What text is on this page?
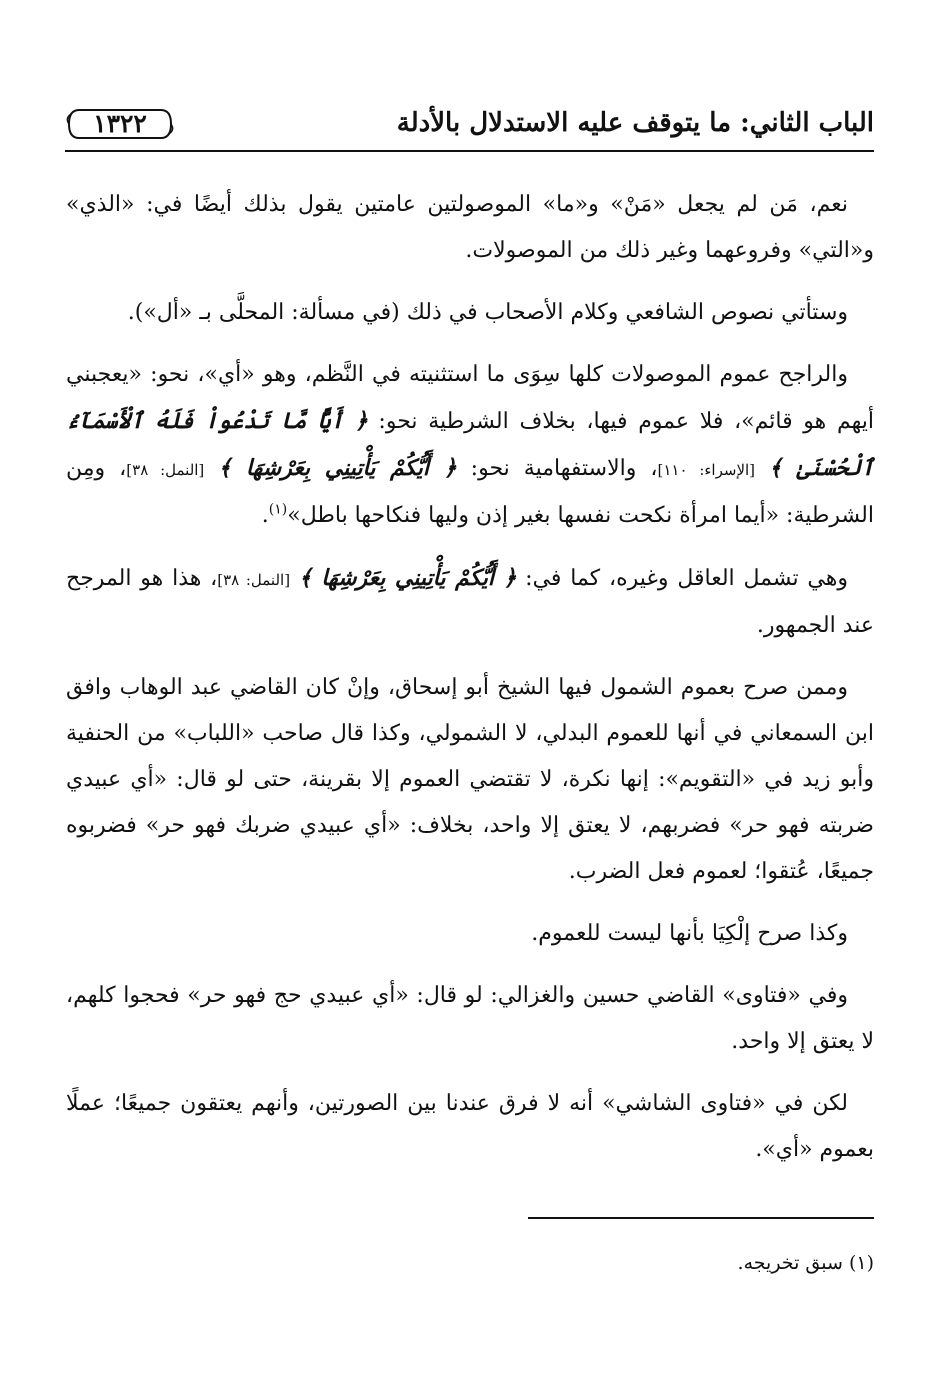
الباب الثاني: ما يتوقف عليه الاستدلال بالأدلة
١٣٢٢

نعم، مَن لم يجعل «مَنْ» و«ما» الموصولتين عامتين يقول بذلك أيضًا في: «الذي» و«التي» وفروعهما وغير ذلك من الموصولات.

وستأتي نصوص الشافعي وكلام الأصحاب في ذلك (في مسألة: المحلَّى بـ «أل»).

والراجح عموم الموصولات كلها سِوَى ما استثنيته في النَّظم، وهو «أي»، نحو: «يعجبني أيهم هو قائم»، فلا عموم فيها، بخلاف الشرطية نحو: ﴿ أَيًّا مَّا تَدْعُواْ فَلَهُ ٱلْأَسْمَآءُ ٱلْحُسْنَىٰ ﴾ [الإسراء: ١١٠]، والاستفهامية نحو: ﴿ أَيُّكُمْ يَأْتِينِي بِعَرْشِهَا ﴾ [النمل: ٣٨]، ومِن الشرطية: «أيما امرأة نكحت نفسها بغير إذن وليها فنكاحها باطل»$^{(١)}$.

وهي تشمل العاقل وغيره، كما في: ﴿ أَيُّكُمْ يَأْتِينِي بِعَرْشِهَا ﴾ [النمل: ٣٨]، هذا هو المرجح عند الجمهور.

وممن صرح بعموم الشمول فيها الشيخ أبو إسحاق، وإنْ كان القاضي عبد الوهاب وافق ابن السمعاني في أنها للعموم البدلي، لا الشمولي، وكذا قال صاحب «اللباب» من الحنفية وأبو زيد في «التقويم»: إنها نكرة، لا تقتضي العموم إلا بقرينة، حتى لو قال: «أي عبيدي ضربته فهو حر» فضربهم، لا يعتق إلا واحد، بخلاف: «أي عبيدي ضربك فهو حر» فضربوه جميعًا، عُتقوا؛ لعموم فعل الضرب.

وكذا صرح إلْكِيَا بأنها ليست للعموم.

وفي «فتاوى» القاضي حسين والغزالي: لو قال: «أي عبيدي حج فهو حر» فحجوا كلهم، لا يعتق إلا واحد.

لكن في «فتاوى الشاشي» أنه لا فرق عندنا بين الصورتين، وأنهم يعتقون جميعًا؛ عملًا بعموم «أي».

(١) سبق تخريجه.
